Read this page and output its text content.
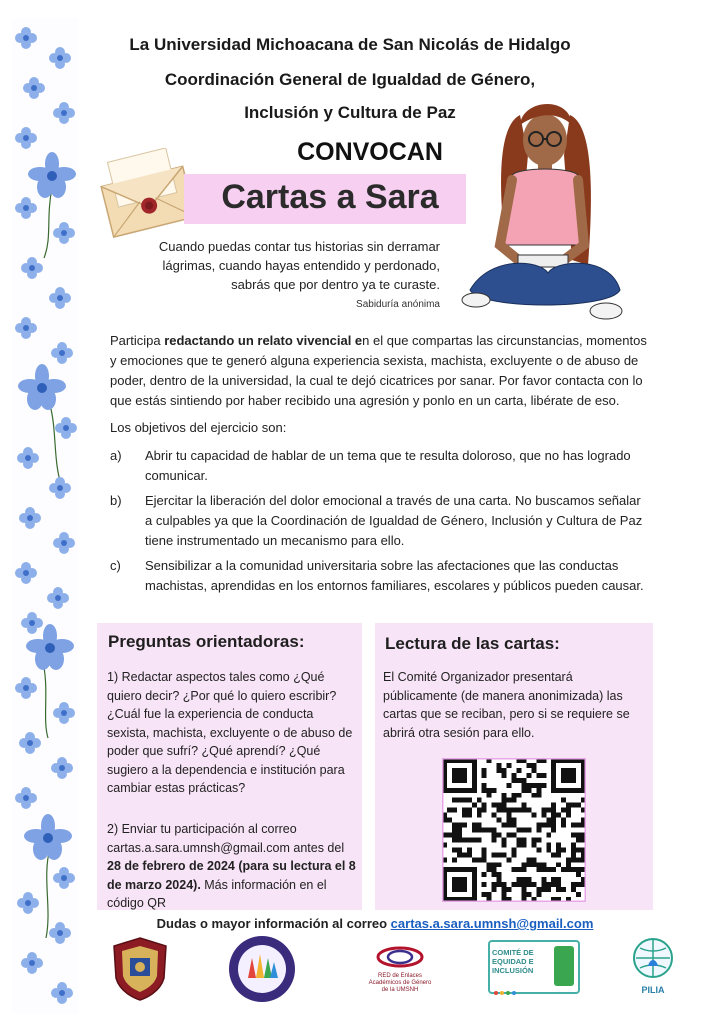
La Universidad Michoacana de San Nicolás de Hidalgo
Coordinación General de Igualdad de Género,
Inclusión y Cultura de Paz
CONVOCAN
Cartas a Sara
Cuando puedas contar tus historias sin derramar lágrimas, cuando hayas entendido y perdonado, sabrás que por dentro ya te curaste.
Sabiduría anónima
Participa redactando un relato vivencial en el que compartas las circunstancias, momentos y emociones que te generó alguna experiencia sexista, machista, excluyente o de abuso de poder, dentro de la universidad, la cual te dejó cicatrices por sanar. Por favor contacta con lo que estás sintiendo por haber recibido una agresión y ponlo en un carta, libérate de eso.
Los objetivos del ejercicio son:
a)	Abrir tu capacidad de hablar de un tema que te resulta doloroso, que no has logrado comunicar.
b)	Ejercitar la liberación del dolor emocional a través de una carta. No buscamos señalar a culpables ya que la Coordinación de Igualdad de Género, Inclusión y Cultura de Paz tiene instrumentado un mecanismo para ello.
c)	Sensibilizar a la comunidad universitaria sobre las afectaciones que las conductas machistas, aprendidas en los entornos familiares, escolares y públicos pueden causar.
Preguntas orientadoras:
1) Redactar aspectos tales como ¿Qué quiero decir? ¿Por qué lo quiero escribir? ¿Cuál fue la experiencia de conducta sexista, machista, excluyente o de abuso de poder que sufrí? ¿Qué aprendí? ¿Qué sugiero a la dependencia e institución para cambiar estas prácticas?
2) Enviar tu participación al correo cartas.a.sara.umnsh@gmail.com antes del 28 de febrero de 2024 (para su lectura el 8 de marzo 2024). Más información en el código QR
Lectura de las cartas:
El Comité Organizador presentará públicamente (de manera anonimizada) las cartas que se reciban, pero si se requiere se abrirá otra sesión para ello.
Dudas o mayor información al correo cartas.a.sara.umnsh@gmail.com
RED de Enlaces
Académicos de Género
de la UMSNH
COMITÉ DE
EQUIDAD E
INCLUSIÓN
PILIA
